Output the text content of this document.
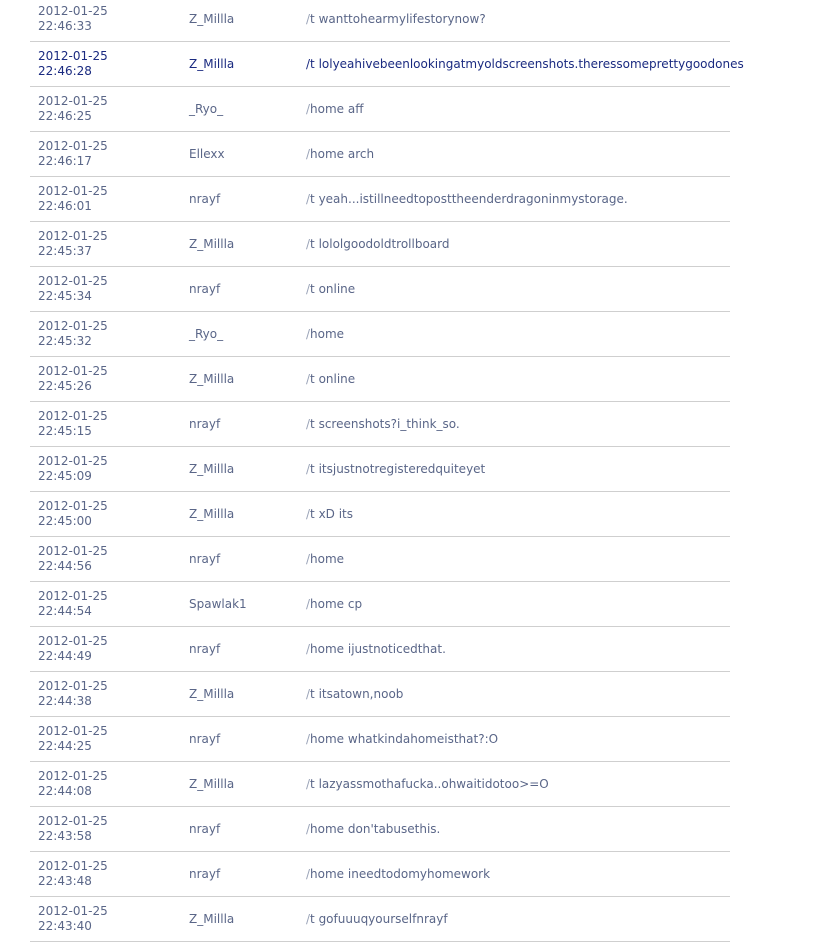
2012-01-25
22:46:33	Z_Millla	/t wanttohearmylifestorynow?

2012-01-25
22:46:28	Z_Millla	/t lolyeahivebeenlookingatmyoldscreenshots.theressomeprettygoodones

2012-01-25
22:46:25	_Ryo_	/home aff

2012-01-25
22:46:17	Ellexx	/home arch

2012-01-25
22:46:01	nrayf	/t yeah...istillneedtoposttheenderdragoninmystorage.

2012-01-25
22:45:37	Z_Millla	/t lololgoodoldtrollboard

2012-01-25
22:45:34	nrayf	/t online

2012-01-25
22:45:32	_Ryo_	/home

2012-01-25
22:45:26	Z_Millla	/t online

2012-01-25
22:45:15	nrayf	/t screenshots?i_think_so.

2012-01-25
22:45:09	Z_Millla	/t itsjustnotregisteredquiteyet

2012-01-25
22:45:00	Z_Millla	/t xD its

2012-01-25
22:44:56	nrayf	/home

2012-01-25
22:44:54	Spawlak1	/home cp

2012-01-25
22:44:49	nrayf	/home ijustnoticedthat.

2012-01-25
22:44:38	Z_Millla	/t itsatown,noob

2012-01-25
22:44:25	nrayf	/home whatkindahomeisthat?:O

2012-01-25
22:44:08	Z_Millla	/t lazyassmothafucka..ohwaitidotoo>=O

2012-01-25
22:43:58	nrayf	/home don'tabusethis.

2012-01-25
22:43:48	nrayf	/home ineedtodomyhomework

2012-01-25
22:43:40	Z_Millla	/t gofuuuqyourselfnrayf
